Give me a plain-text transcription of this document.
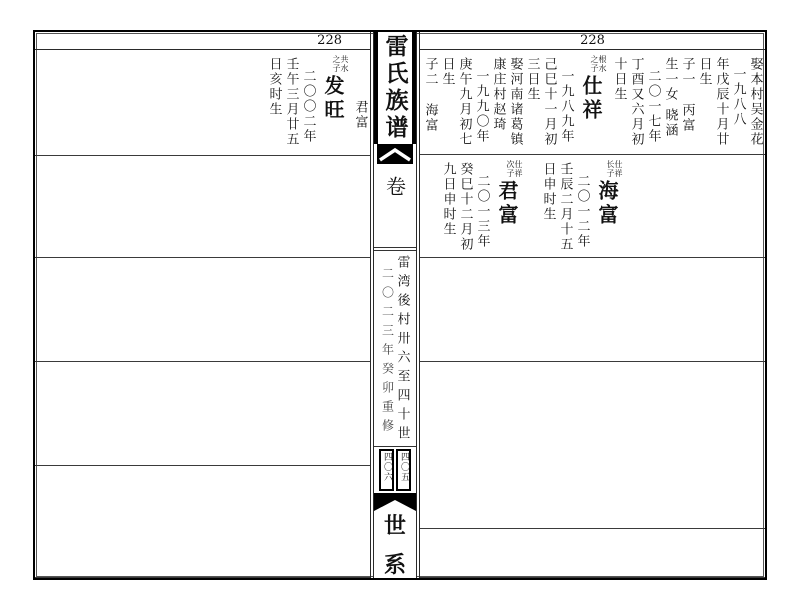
228
君富
共水
之子
发旺
二〇〇二年
壬午三月廿五
日亥时生	雷氏族谱
卷
雷湾後村卅六至四十世
二〇二三年癸卯重修
四〇五
四〇六
世
系
228
娶本村吴金花
一九八八
年戊辰十月廿
日生
子一
丙富
生一女
晓涵
二〇一七年
丁酉又六月初
十日生
根水
之子
仕祥
一九八九年
己巳十一月初
三日生
娶河南诸葛镇
康庄村赵琦
一九九〇年
庚午九月初七
日生
子二
海富
仕祥
长子
海富
二〇一二年
壬辰二月十五
日申时生
仕祥
次子
君富
二〇一三年
癸巳十二月初
九日申时生
